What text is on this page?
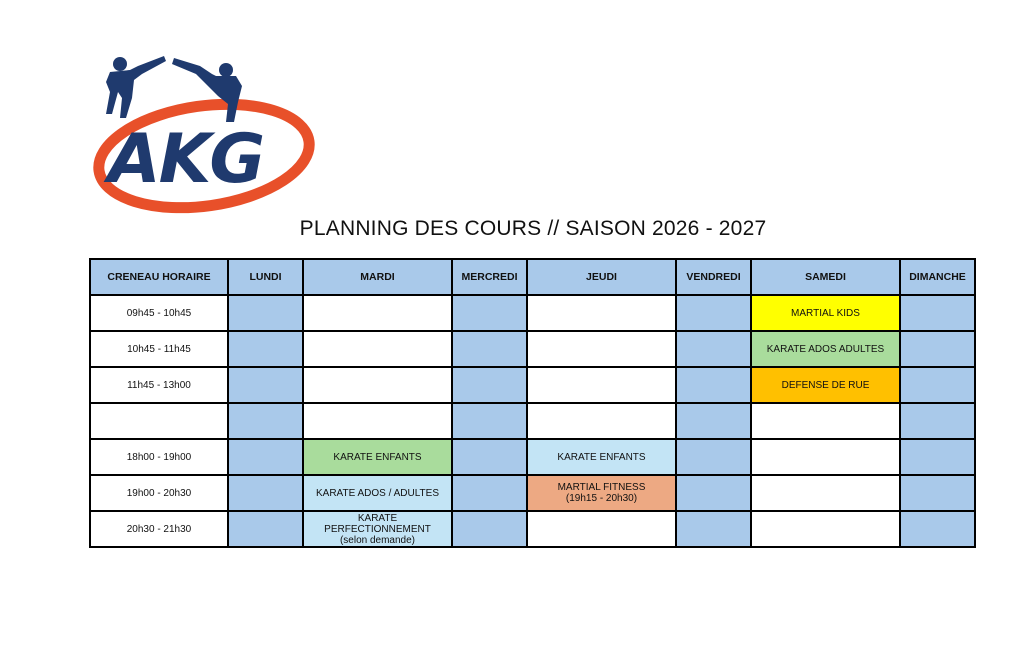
AKG
PLANNING DES COURS // SAISON 2026 - 2027
CRENEAU HORAIRE	LUNDI	MARDI	MERCREDI	JEUDI	VENDREDI	SAMEDI	DIMANCHE
09h45 - 10h45						MARTIAL KIDS	
10h45 - 11h45						KARATE ADOS ADULTES	
11h45 - 13h00						DEFENSE DE RUE	

18h00 - 19h00		KARATE ENFANTS		KARATE ENFANTS			
19h00 - 20h30		KARATE ADOS / ADULTES		MARTIAL FITNESS
(19h15 - 20h30)			

20h30 - 21h30		KARATE PERFECTIONNEMENT
(selon demande)					
